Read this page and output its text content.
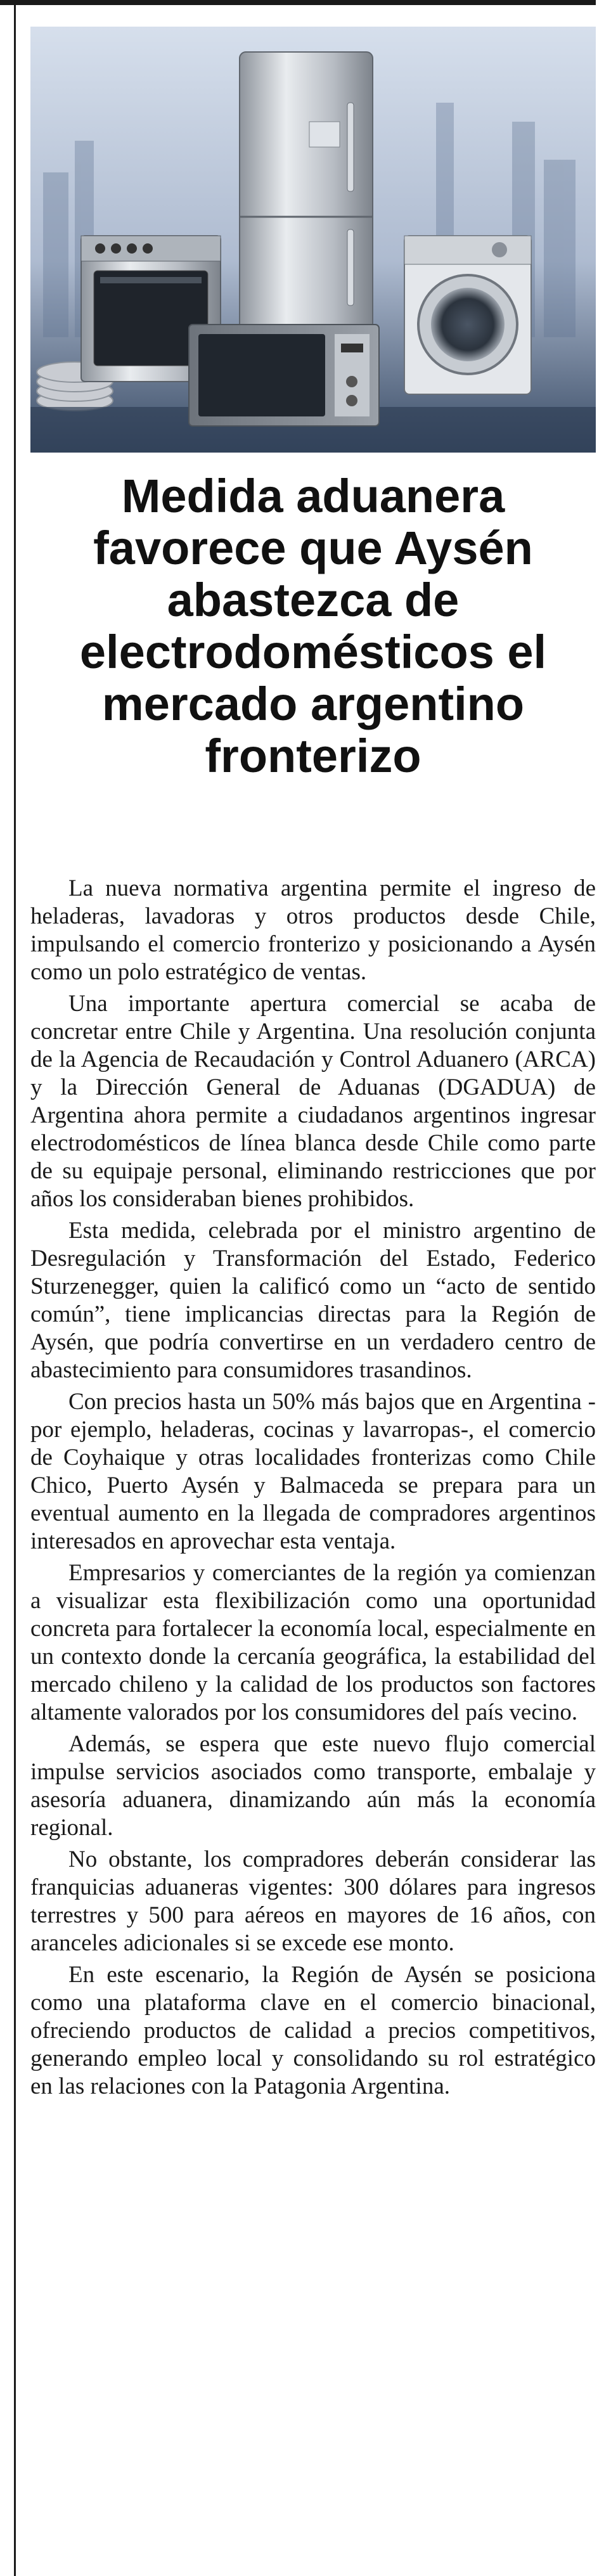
Medida aduanera favorece que Aysén abastezca de electrodomésticos el mercado argentino fronterizo

La nueva normativa argentina permite el ingreso de heladeras, lavadoras y otros productos desde Chile, impulsando el comercio fronterizo y posicionando a Aysén como un polo estratégico de ventas.

Una importante apertura comercial se acaba de concretar entre Chile y Argentina. Una resolución conjunta de la Agencia de Recaudación y Control Aduanero (ARCA) y la Dirección General de Aduanas (DGADUA) de Argentina ahora permite a ciudadanos argentinos ingresar electrodomésticos de línea blanca desde Chile como parte de su equipaje personal, eliminando restricciones que por años los consideraban bienes prohibidos.

Esta medida, celebrada por el ministro argentino de Desregulación y Transformación del Estado, Federico Sturzenegger, quien la calificó como un “acto de sentido común”, tiene implicancias directas para la Región de Aysén, que podría convertirse en un verdadero centro de abastecimiento para consumidores trasandinos.

Con precios hasta un 50% más bajos que en Argentina -por ejemplo, heladeras, cocinas y lavarropas-, el comercio de Coyhaique y otras localidades fronterizas como Chile Chico, Puerto Aysén y Balmaceda se prepara para un eventual aumento en la llegada de compradores argentinos interesados en aprovechar esta ventaja.

Empresarios y comerciantes de la región ya comienzan a visualizar esta flexibilización como una oportunidad concreta para fortalecer la economía local, especialmente en un contexto donde la cercanía geográfica, la estabilidad del mercado chileno y la calidad de los productos son factores altamente valorados por los consumidores del país vecino.

Además, se espera que este nuevo flujo comercial impulse servicios asociados como transporte, embalaje y asesoría aduanera, dinamizando aún más la economía regional.

No obstante, los compradores deberán considerar las franquicias aduaneras vigentes: 300 dólares para ingresos terrestres y 500 para aéreos en mayores de 16 años, con aranceles adicionales si se excede ese monto.

En este escenario, la Región de Aysén se posiciona como una plataforma clave en el comercio binacional, ofreciendo productos de calidad a precios competitivos, generando empleo local y consolidando su rol estratégico en las relaciones con la Patagonia Argentina.
